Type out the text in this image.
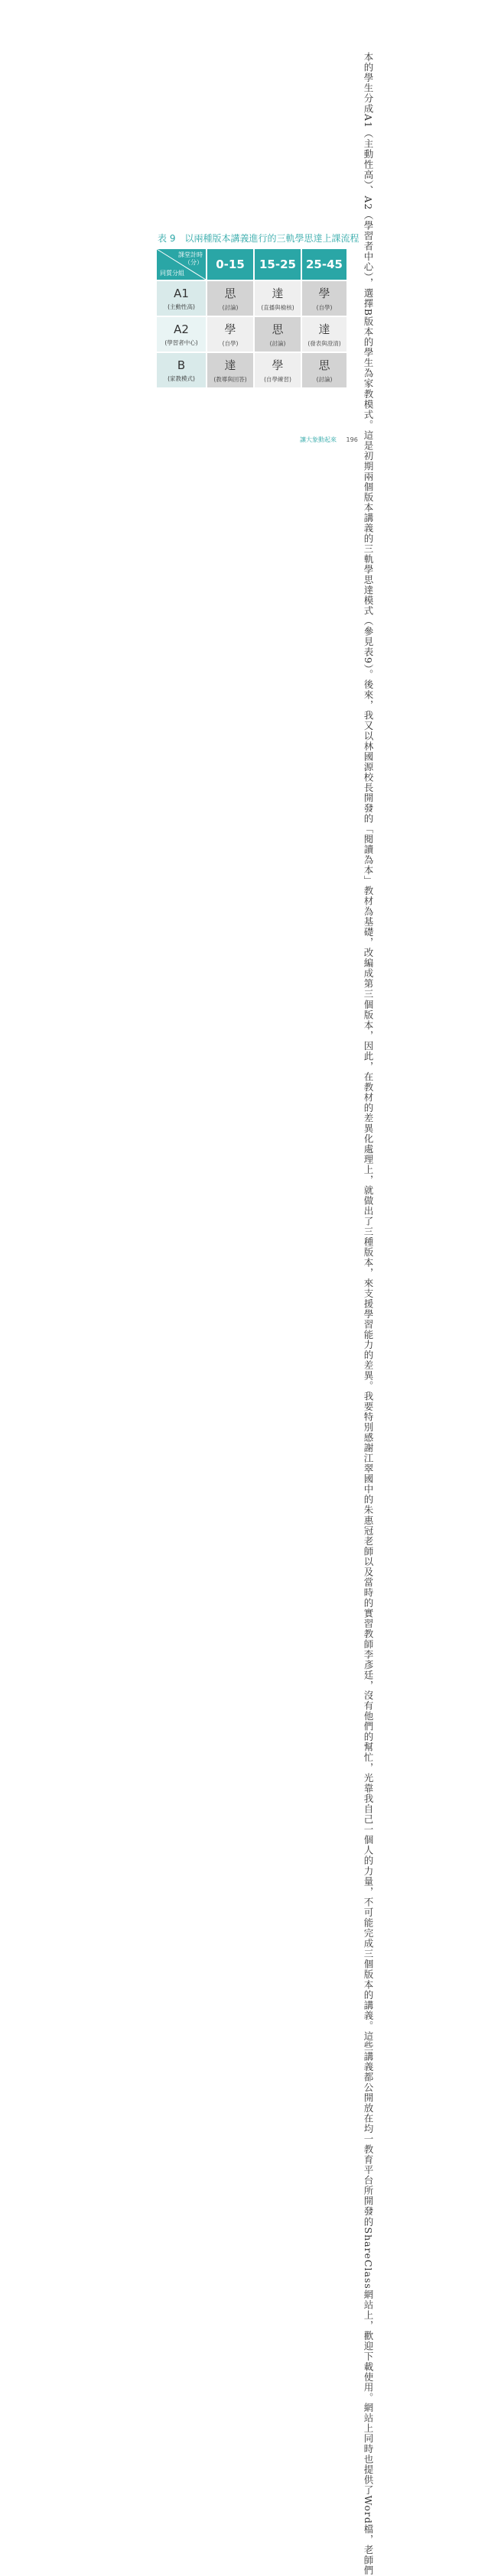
本的學生分成A1（主動性高）、A2（學
習者中心），選擇B版本的學生為家
教模式。這是初期兩個版本講義的三
軌學思達模式（參見表9）。
後來，我又以林國源校長開發的
「閱讀為本」教材為基礎，改編成第三
個版本，因此，在教材的差異化處理
上，就做出了三種版本，來支援學習能
力的差異。我要特別感謝江翠國中的朱
惠冠老師以及當時的實習教師李彥廷，
沒有他們的幫忙，光靠我自己一個人的
力量，不可能完成三個版本的講義。這
些講義都公開放在均一教育平台所開發
的ShareClass網站上，歡迎下載使用。
網站上同時也提供了Word檔，老師們
表 9　以兩種版本講義進行的三軌學思達上課流程
課堂計時
（分）
同質分組
0-15	15-25 25-45
A1
(主動性高)
思
(討論)
達
(直播與檢核)
學
(自學)
A2
(學習者中心)
學
(自學)
思
(討論)
達
(發表與澄清)
B
(家教模式)
達
(教導與回答)
學
(自學練習)
思
(討論)
讓大象動起來 196
